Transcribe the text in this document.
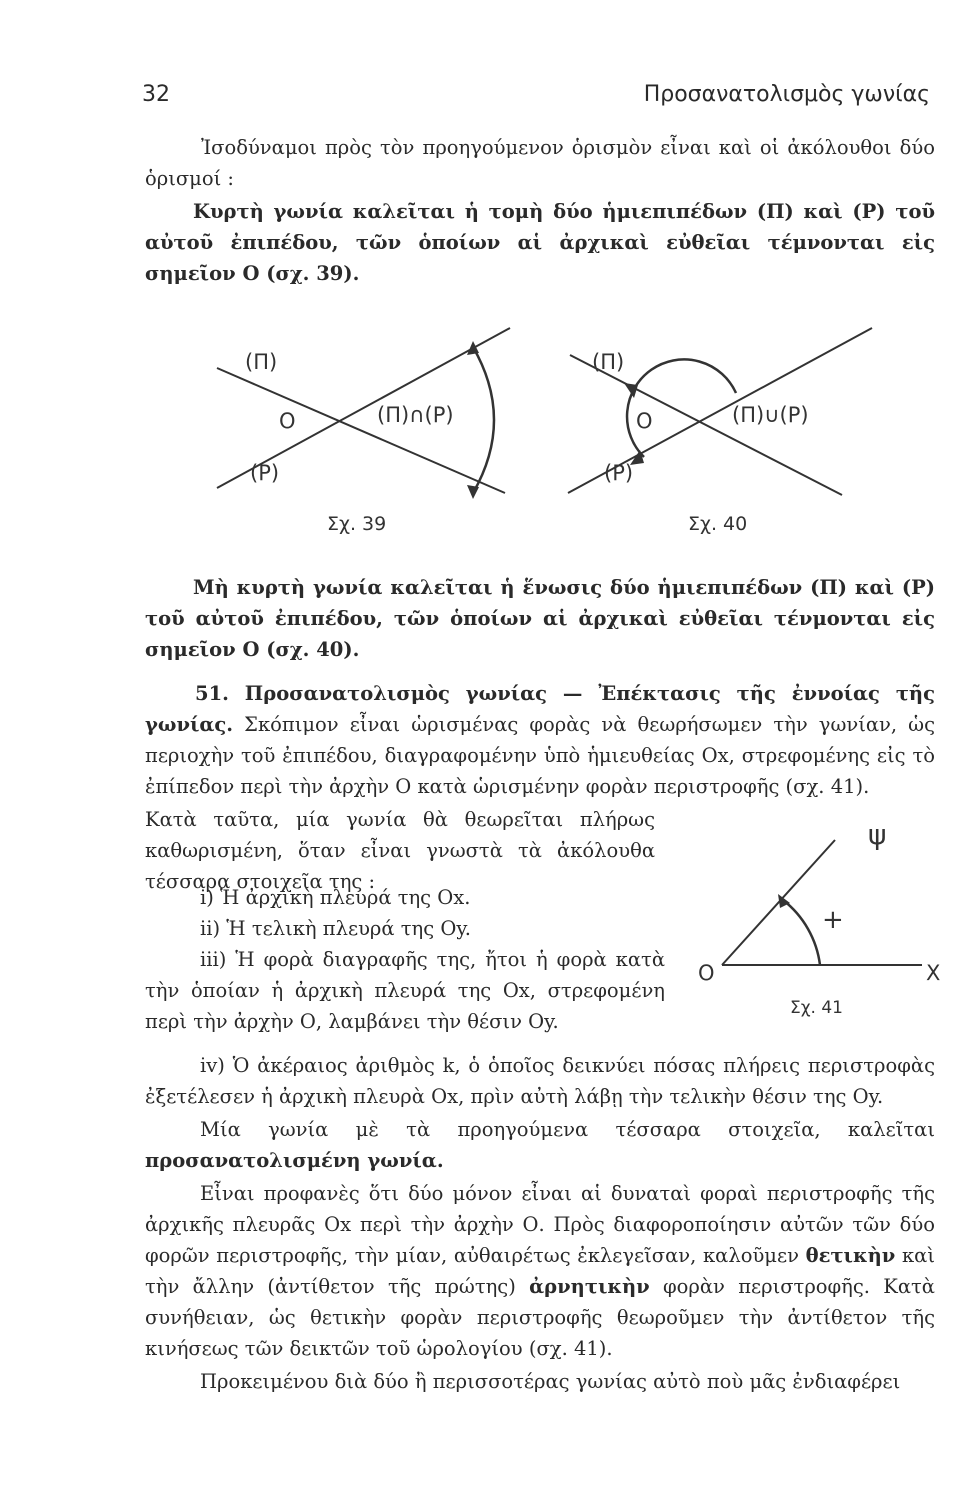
32	Προσανατολισμὸς γωνίας
Ἰσοδύναμοι πρὸς τὸν προηγούμενον ὁρισμὸν εἶναι καὶ οἱ ἀκόλουθοι δύο ὁρισμοί :
Κυρτὴ γωνία καλεῖται ἡ τομὴ δύο ἡμιεπιπέδων (Π) καὶ (Ρ) τοῦ αὐτοῦ ἐπιπέδου, τῶν ὁποίων αἱ ἀρχικαὶ εὐθεῖαι τέμνονται εἰς σημεῖον Ο (σχ. 39).
(Π)
(Ρ)
Ο	(Π)∩(Ρ)
Σχ. 39
(Π)
(Ρ)
Ο	(Π)∪(Ρ)
Σχ. 40
Μὴ κυρτὴ γωνία καλεῖται ἡ ἕνωσις δύο ἡμιεπιπέδων (Π) καὶ (Ρ) τοῦ αὐτοῦ ἐπιπέδου, τῶν ὁποίων αἱ ἀρχικαὶ εὐθεῖαι τένμονται εἰς σημεῖον Ο (σχ. 40).
51. Προσανατολισμὸς γωνίας — Ἐπέκτασις τῆς ἐννοίας τῆς γωνίας. Σκόπιμον εἶναι ὡρισμένας φορὰς νὰ θεωρήσωμεν τὴν γωνίαν, ὡς περιοχὴν τοῦ ἐπιπέδου, διαγραφομένην ὑπὸ ἡμιευθείας Οx, στρεφομένης εἰς τὸ ἐπίπεδον περὶ τὴν ἀρχὴν Ο κατὰ ὡρισμένην φορὰν περιστροφῆς (σχ. 41).
Κατὰ ταῦτα, μία γωνία θὰ θεωρεῖται πλήρως καθωρισμένη, ὅταν εἶναι γνωστὰ τὰ ἀκόλουθα τέσσαρα στοιχεῖα της :
i) Ἡ ἀρχικὴ πλευρά της Οx.
ii) Ἡ τελικὴ πλευρά της Οy.
iii) Ἡ φορὰ διαγραφῆς της, ἤτοι ἡ φορὰ κατὰ τὴν ὁποίαν ἡ ἀρχικὴ πλευρά της Οx, στρεφομένη περὶ τὴν ἀρχὴν Ο, λαμβάνει τὴν θέσιν Οy.
ψ
+
Ο	Χ
Σχ. 41
iv) Ὁ ἀκέραιος ἀριθμὸς k, ὁ ὁποῖος δεικνύει πόσας πλήρεις περιστροφὰς ἐξετέλεσεν ἡ ἀρχικὴ πλευρὰ Οx, πρὶν αὐτὴ λάβῃ τὴν τελικὴν θέσιν της Οy.
Μία γωνία μὲ τὰ προηγούμενα τέσσαρα στοιχεῖα, καλεῖται προσανατολισμένη γωνία.
Εἶναι προφανὲς ὅτι δύο μόνον εἶναι αἱ δυναταὶ φοραὶ περιστροφῆς τῆς ἀρχικῆς πλευρᾶς Οx περὶ τὴν ἀρχὴν Ο. Πρὸς διαφοροποίησιν αὐτῶν τῶν δύο φορῶν περιστροφῆς, τὴν μίαν, αὐθαιρέτως ἐκλεγεῖσαν, καλοῦμεν θετικὴν καὶ τὴν ἄλλην (ἀντίθετον τῆς πρώτης) ἀρνητικὴν φορὰν περιστροφῆς. Κατὰ συνήθειαν, ὡς θετικὴν φορὰν περιστροφῆς θεωροῦμεν τὴν ἀντίθετον τῆς κινήσεως τῶν δεικτῶν τοῦ ὡρολογίου (σχ. 41).
Προκειμένου διὰ δύο ἢ περισσοτέρας γωνίας αὐτὸ ποὺ μᾶς ἐνδιαφέρει
